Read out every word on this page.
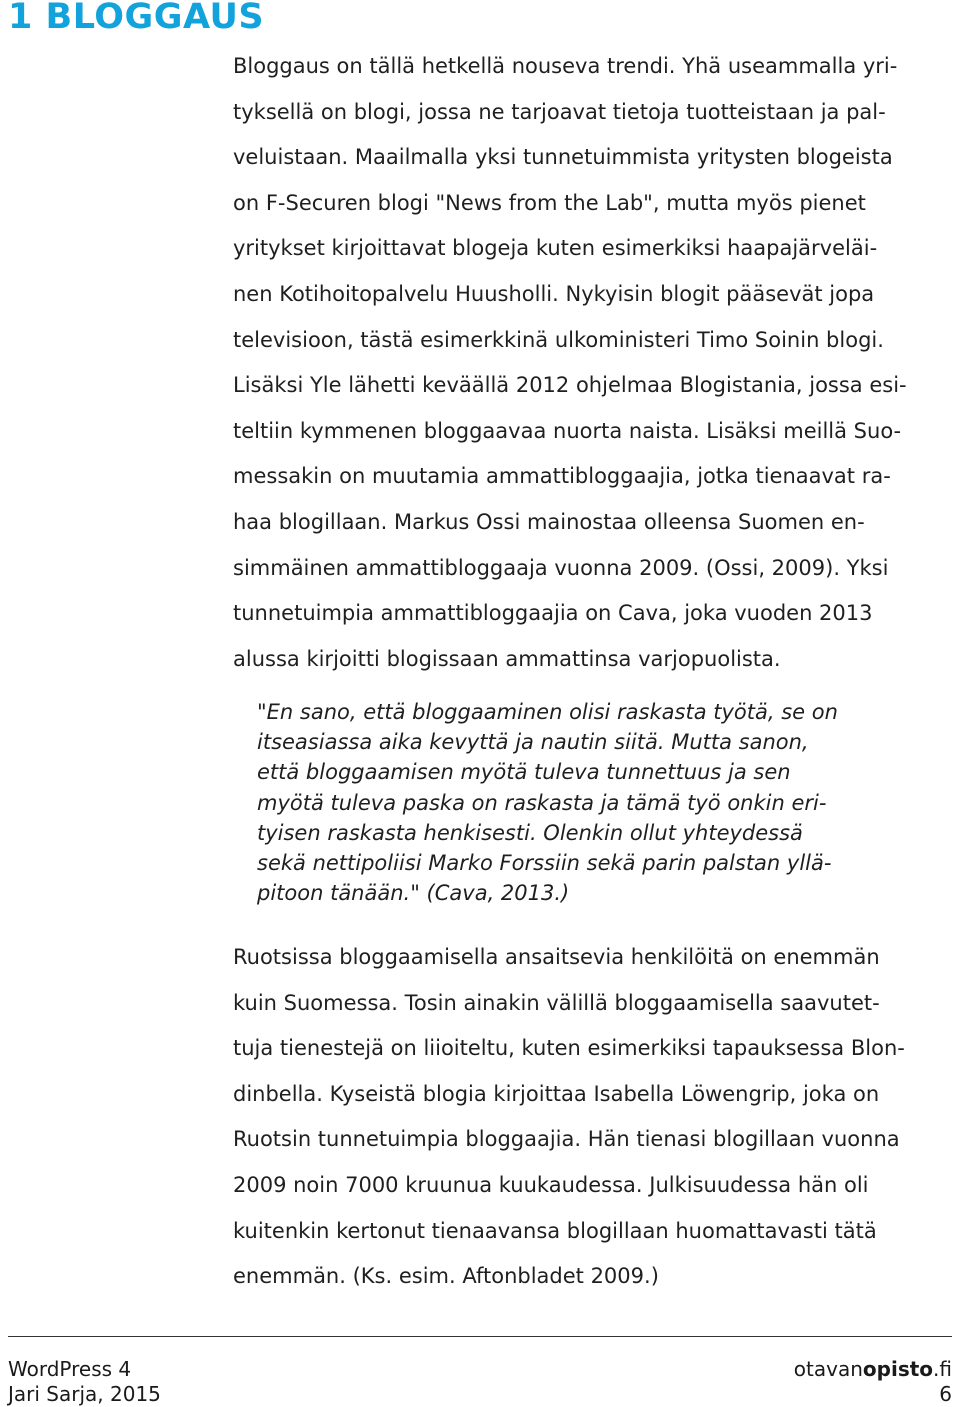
1 BLOGGAUS
Bloggaus on tällä hetkellä nouseva trendi. Yhä useammalla yri-
tyksellä on blogi, jossa ne tarjoavat tietoja tuotteistaan ja pal-
veluistaan. Maailmalla yksi tunnetuimmista yritysten blogeista
on F-Securen blogi "News from the Lab", mutta myös pienet
yritykset kirjoittavat blogeja kuten esimerkiksi haapajärveläi-
nen Kotihoitopalvelu Huusholli. Nykyisin blogit pääsevät jopa
televisioon, tästä esimerkkinä ulkoministeri Timo Soinin blogi.
Lisäksi Yle lähetti keväällä 2012 ohjelmaa Blogistania, jossa esi-
teltiin kymmenen bloggaavaa nuorta naista. Lisäksi meillä Suo-
messakin on muutamia ammattibloggaajia, jotka tienaavat ra-
haa blogillaan. Markus Ossi mainostaa olleensa Suomen en-
simmäinen ammattibloggaaja vuonna 2009. (Ossi, 2009). Yksi
tunnetuimpia ammattibloggaajia on Cava, joka vuoden 2013
alussa kirjoitti blogissaan ammattinsa varjopuolista.
"En sano, että bloggaaminen olisi raskasta työtä, se on
itseasiassa aika kevyttä ja nautin siitä. Mutta sanon,
että bloggaamisen myötä tuleva tunnettuus ja sen
myötä tuleva paska on raskasta ja tämä työ onkin eri-
tyisen raskasta henkisesti. Olenkin ollut yhteydessä
sekä nettipoliisi Marko Forssiin sekä parin palstan yllä-
pitoon tänään." (Cava, 2013.)
Ruotsissa bloggaamisella ansaitsevia henkilöitä on enemmän
kuin Suomessa. Tosin ainakin välillä bloggaamisella saavutet-
tuja tienestejä on liioiteltu, kuten esimerkiksi tapauksessa Blon-
dinbella. Kyseistä blogia kirjoittaa Isabella Löwengrip, joka on
Ruotsin tunnetuimpia bloggaajia. Hän tienasi blogillaan vuonna
2009 noin 7000 kruunua kuukaudessa. Julkisuudessa hän oli
kuitenkin kertonut tienaavansa blogillaan huomattavasti tätä
enemmän. (Ks. esim. Aftonbladet 2009.)
WordPress 4
Jari Sarja, 2015
otavanopisto.fi
6
